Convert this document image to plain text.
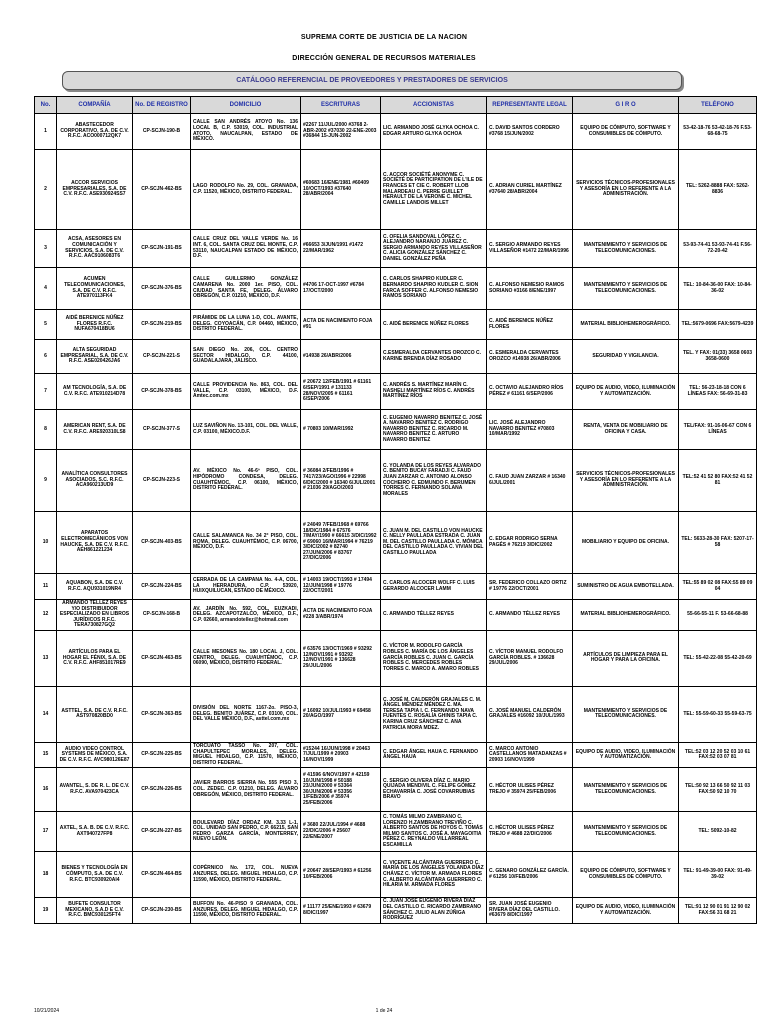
SUPREMA CORTE DE JUSTICIA DE LA NACION
DIRECCIÓN GENERAL DE RECURSOS MATERIALES
CATÁLOGO REFERENCIAL DE PROVEEDORES Y PRESTADORES DE SERVICIOS
No.	COMPAÑÍA	No. DE REGISTRO	DOMICILIO	ESCRITURAS	ACCIONISTAS	REPRESENTANTE LEGAL	G I R O	TELÉFONO
1	ABASTECEDOR CORPORATIVO, S.A. DE C.V. R.F.C. ACO000712QK7	CP-SCJN-190-B	CALLE SAN ANDRÉS ATOYO No. 136 LOCAL B, C.P. 53019, COL. INDUSTRIAL ATOTO, NAUCALPAN, ESTADO DE MÉXICO.	#2267 11/JUL/2000 #3768 2-ABR-2002 #37030 22-ENE-2003 #36844 15-JUN-2002	LIC. ARMANDO JOSÉ GLYKA OCHOA C. EDGAR ARTURO GLYKA OCHOA	C. DAVID SANTOS CORDERO #3768 15/JUN/2002	EQUIPO DE CÓMPUTO, SOFTWARE Y CONSUMIBLES DE CÓMPUTO.	53-42-18-76 53-42-18-76 F.53-68-68-75
2	ACCOR SERVICIOS EMPRESARIALES, S.A. DE C.V. R.F.C. ASE930924SS7	CP-SCJN-462-BS	LAGO RODOLFO No. 29, COL. GRANADA, C.P. 11520, MÉXICO, DISTRITO FEDERAL.	#60683 16/ENE/1981 #60409 10/OCT/1993 #37640 28/ABR/2004	C. ACCOR SOCIÉTÉ ANONYME C. SOCIÉTÉ DE PARTICIPATION DE L'ILE DE FRANCES ET CIE C. ROBERT LLOB MALARDEAU C. PERRE GUILLET HERAULT DE LA VERONE C. MICHEL CAMILLE LANDOIS MILLET	C. ADRIAN CURIEL MARTÍNEZ #37640 28/ABR/2004	SERVICIOS TÉCNICOS-PROFESIONALES Y ASESORÍA EN LO REFERENTE A LA ADMINISTRACIÓN.	TEL: 5262-8888 FAX: 5262-8836
3	ACSA, ASESORES EN COMUNICACIÓN Y SERVICIOS, S.A. DE C.V. R.F.C. AAC9106083T6	CP-SCJN-191-BS	CALLE CRUZ DEL VALLE VERDE No. 16 INT. 6, COL. SANTA CRUZ DEL MONTE, C.P. 53110, NAUCALPAN ESTADO DE MÉXICO, D.F.	#66653 3/JUN/1991 #1472 22/MAR/1962	C. OFELIA SANDOVAL LÓPEZ C. ALEJANDRO NARANJO JUÁREZ C. SERGIO ARMANDO REYES VILLASEÑOR C. ALICIA GONZÁLEZ SÁNCHEZ C. DANIEL GONZÁLEZ PEÑA	C. SERGIO ARMANDO REYES VILLASEÑOR #1472 22/MAR/1996	MANTENIMIENTO Y SERVICIOS DE TELECOMUNICACIONES.	53-93-74-41 53-93-74-41 F.56-72-20-42
4	ACUMEN TELECOMUNICACIONES, S.A. DE C.V. R.F.C. ATE970113FK4	CP-SCJN-376-BS	CALLE GUILLERMO GONZÁLEZ CAMARENA No. 2000 1er. PISO, COL. CIUDAD SANTA FE, DELEG. ÁLVARO OBREGÓN, C.P. 01210, MÉXICO, D.F.	#4706 17-OCT-1997 #6784 17/OCT/2000	C. CARLOS SHAPIRO KUDLER C. BERNARDO SHAPIRO KUDLER C. SION FARCA SOFFER C. ALFONSO NEMESIO RAMOS SORIANO	C. ALFONSO NEMESIO RAMOS SORIANO #3166 8/ENE/1997	MANTENIMIENTO Y SERVICIOS DE TELECOMUNICACIONES.	TEL: 10-84-36-00 FAX: 10-84-36-02
5	AIDÉ BERENICE NÚÑEZ FLORES R.F.C. NUFA670418BU6	CP-SCJN-219-BS	PIRÁMIDE DE LA LUNA 1-D, COL. AVANTE, DELEG. COYOACÁN, C.P. 04460, MÉXICO, DISTRITO FEDERAL.	ACTA DE NACIMIENTO FOJA #91	C. AIDÉ BERENICE NÚÑEZ FLORES	C. AIDÉ BERENICE NÚÑEZ FLORES	MATERIAL BIBLIOHEMEROGRÁFICO.	TEL:5679-0696 FAX:5679-4239
6	ALTA SEGURIDAD EMPRESARIAL, S.A. DE C.V. R.F.C. ASE020426JA6	CP-SCJN-221-S	SAN DIEGO No. 206, COL. CENTRO SECTOR HIDALGO, C.P. 44100, GUADALAJARA, JALISCO.	#14938 26/ABR/2006	C.ESMERALDA CERVANTES OROZCO C. KARINE BRENDA DÍAZ ROSADO	C. ESMERALDA CERVANTES OROZCO #14938 26/ABR/2006	SEGURIDAD Y VIGILANCIA.	TEL. Y FAX: 01(33) 3658 0603 3658-0600
7	AM TECNOLOGÍA, S.A. DE C.V. R.F.C. ATE910214D78	CP-SCJN-378-BS	CALLE PROVIDENCIA No. 863, COL. DEL VALLE, C.P. 03100, MÉXICO, D.F. Amtec.com.mx	# 20672 12/FEB/1991 # 61161 6/SEP/1991 # 131133 28/NOV/2005 # 61161 6/SEP/2006	C. ANDRÉS S. MARTÍNEZ MARÍN C. NASHELI MARTÍNEZ RÍOS C. ANDRÉS MARTÍNEZ RÍOS	C. OCTAVIO ALEJANDRO RÍOS PÉREZ # 61161 6/SEP/2006	EQUIPO DE AUDIO, VIDEO, ILUMINACIÓN Y AUTOMATIZACIÓN.	TEL: 56-23-18-18 CON 6 LÍNEAS FAX: 56-69-31-83
8	AMERICAN RENT, S.A. DE C.V. R.F.C. ARE920310LS8	CP-SCJN-377-S	LUZ SAVIÑON No. 13-101, COL. DEL VALLE, C.P. 03100, MÉXICO.D.F.	# 70803 10/MAR/1992	C. EUGENIO NAVARRO BENITEZ C. JOSÉ A. NAVARRO BENITEZ C. RODRIGO NAVARRO BENITEZ C. RICARDO M. NAVARRO BENITEZ C. ARTURO NAVARRO BENITEZ	LIC. JOSÉ ALEJANDRO NAVARRO BENITEZ #70803 10/MAR/1992	RENTA, VENTA DE MOBILIARIO DE OFICINA Y CASA.	TEL/FAX: 91-16-06-67 CON 6 LÍNEAS
9	ANALÍTICA CONSULTORES ASOCIADOS, S.C. R.F.C. ACA960213UD9	CP-SCJN-223-S	AV. MÉXICO No. 46-6º PISO, COL. HIPÓDROMO CONDESA, DELEG. CUAUHTÉMOC, C.P. 06100, MÉXICO, DISTRITO FEDERAL.	# 36084 2/FEB/1996 # 7417/23/AGO/1996 # 22998 6/DIC/2000 # 16340 6/JUL/2001 # 21036 29/AGO/2003	C. YOLANDA DE LOS REYES ALVARADO C. BENITO BUCAY FARADJI C. FAUD JUAN ZARZAR C. ANTONIO ALONSO COCHEIRO C. EDMUNDO F. BERUMEN TORRES C. FERNANDO SOLANA MORALES	C. FAUD JUAN ZARZAR # 16340 6/JUL/2001	SERVICIOS TÉCNICOS-PROFESIONALES Y ASESORÍA EN LO REFERENTE A LA ADMINISTRACIÓN.	TEL:52 41 52 80 FAX:52 41 52 81
10	APARATOS ELECTROMECÁNICOS VON HAUCKE, S.A. DE C.V. R.F.C. AEH861221234	CP-SCJN-403-BS	CALLE SALAMANCA No. 34 2° PISO, COL. ROMA, DELEG. CUAUHTÉMOC, C.P. 06700, MÉXICO, D.F.	# 24049 7/FEB/1968 # 69766 18/DIC/1984 # 67576 7/MAY/1990 # 66615 3/DIC/1992 # 69060 16/MAR/1994 # 76219 3/DIC/2002 # 82740 27/JUN/2006 # 83767 27/DIC/2006	C. JUAN M. DEL CASTILLO VON HAUCKE C. NELLY PAULLADA ESTRADA C. JUAN M. DEL CASTILLO PAULLADA C. MÓNICA DEL CASTILLO PAULLADA C. VIVIAN DEL CASTILLO PAULLADA	C. EDGAR RODRIGO SERNA PAGÉS # 76219 3/DIC/2002	MOBILIARIO Y EQUIPO DE OFICINA.	TEL: 5633-28-30 FAX: 5207-17-58
11	AQUABON, S.A. DE C.V. R.F.C. AQU931019NR4	CP-SCJN-224-BS	CERRADA DE LA CAMPANA No. 4-A, COL. LA HERRADURA, C.P. 53920, HUIXQUILUCAN, ESTADO DE MÉXICO.	# 14003 19/OCT/1993 # 17494 12/JUN/1998 # 19776 22/OCT/2001	C. CARLOS ALCOCER WOLFF C. LUIS GERARDO ALCOCER LAMM	SR. FEDERICO COLLAZO ORTIZ # 19776 22/OCT/2001	SUMINISTRO DE AGUA EMBOTELLADA.	TEL:55 89 02 08 FAX:55 89 09 04
12	ARMANDO TÉLLEZ REYES Y/O DISTRIBUIDOR ESPECIALIZADO EN LIBROS JURÍDICOS R.F.C. TERA730827GQ2	CP-SCJN-168-B	AV. JARDÍN No. 592, COL. EUZKADI, DELEG. AZCAPOTZALCO, MÉXICO, D.F., C.P. 02660, armandotellez@hotmail.com	ACTA DE NACIMIENTO FOJA #228 3/ABR/1974	C. ARMANDO TÉLLEZ REYES	C. ARMANDO TÉLLEZ REYES	MATERIAL BIBLIOHEMEROGRÁFICO.	55-66-55-11 F. 53-66-68-88
13	ARTÍCULOS PARA EL HOGAR EL FÉNIX, S.A. DE C.V. R.F.C. AHF851017RE9	CP-SCJN-463-BS	CALLE MESONES No. 180 LOCAL J, COL. CENTRO, DELEG. CUAUHTÉMOC, C.P. 06090, MÉXICO, DISTRITO FEDERAL.	# 63576 13/OCT/1969 # 93292 12/NOV/1991 # 93292 12/NOV/1991 # 136628 29/JUL/2006	C. VÍCTOR M. RODOLFO GARCÍA ROBLES C. MARÍA DE LOS ÁNGELES GARCÍA ROBLES C. JUAN C. GARCÍA ROBLES C. MERCEDES ROBLES TORRES C. MARCO A. AMARO ROBLES	C. VÍCTOR MANUEL RODOLFO GARCÍA ROBLES. # 136628 29/JUL/2006	ARTÍCULOS DE LIMPIEZA PARA EL HOGAR Y PARA LA OFICINA.	TEL: 55-42-22-08 55-42-20-69
14	ASTTEL, S.A. DE C.V. R.F.C. AST970820BD0	CP-SCJN-363-BS	DIVISIÓN DEL NORTE 1167-2o. PISO-3, DELEG. BENITO JUÁREZ, C.P. 03100, COL. DEL VALLE MÉXICO, D.F., asttel.com.mx	# 16092 10/JUL/1993 # 69458 20/AGO/1997	C. JOSÉ M. CALDERÓN GRAJALES C. M. ÁNGEL MÉNDEZ MÉNDEZ C. MA. TERESA TAPIA I. C. FERNANDO NAVA FUENTES C. ROSALÍA GHINIS TAPIA C. KARINA CRUZ SÁNCHEZ C. ANA PATRICIA MORA MDEZ.	C. JOSÉ MANUEL CALDERÓN GRAJALES #16092 10/JUL/1993	MANTENIMIENTO Y SERVICIOS DE TELECOMUNICACIONES.	TEL: 55-59-60-33 55-59-63-75
15	AUDIO VIDEO CONTROL SYSTEMS DE MÉXICO, S.A. DE C.V. R.F.C. AVC980126E87	CP-SCJN-225-BS	TORCUATO TASSO No. 207, COL. CHAPULTEPEC MORALES, DELEG. MIGUEL HIDALGO, C.P. 11570, MÉXICO, DISTRITO FEDERAL.	#15244 16/JUN/1998 # 20463 7/JUL/1999 # 20903 16/NOV/1999	C. EDGAR ÁNGEL HAUA C. FERNANDO ÁNGEL HAUA	C. MARCO ANTONIO CASTELLANOS MATADANZAS # 20903 16/NOV/1999	EQUIPO DE AUDIO, VIDEO, ILUMINACIÓN Y AUTOMATIZACIÓN.	TEL:52 03 12 20 52 03 10 61 FAX:52 03 07 81
16	AVANTEL, S. DE R. L. DE C.V. R.F.C. AVA970423CA	CP-SCJN-226-BS	JAVIER BARROS SIERRA No. 555 PISO 3, COL. ZEDEC. C.P. 01210, DELEG. ÁLVARO OBREGÓN, MÉXICO, DISTRITO FEDERAL.	# 41596 6/NOV/1997 # 42159 10/JUN/1998 # 50188 23/JUN/2000 # 53364 30/JUN/2006 # 53356 1/FEB/2006 # 35974 25/FEB/2006	C. SERGIO OLIVERA DÍAZ C. MARIO QUIJADA MENDIVIL C. FELIPE GÓMEZ ECHAVARRÍA C. JOSÉ COVARRUBIAS BRAVO	C. HÉCTOR ULISES PÉREZ TREJO # 35974 25/FEB/2006	MANTENIMIENTO Y SERVICIOS DE TELECOMUNICACIONES.	TEL:50 92 13 66 50 92 11 03 FAX:50 92 10 70
17	AXTEL, S.A. B. DE C.V. R.F.C. AXT940727FP8	CP-SCJN-227-BS	BOULEVARD DÍAZ ORDAZ KM. 3.33 L-1, COL. UNIDAD SAN PEDRO, C.P. 66215, SAN PEDRO GARZA GARCÍA, MONTERREY, NUEVO LEÓN.	# 3680 22/JUL/1994 # 4688 22/DIC/2006 # 25607 22/ENE/2007	C. TOMÁS MILMO ZAMBRANO C. LORENZO H.ZAMBRANO TREVIÑO C. ALBERTO SANTOS DE HOYOS C. TOMÁS MILMO SANTOS C. JOSÉ A. MAYAGOITIA PÉREZ C. REYNALDO VILLARREAL ESCAMILLA	C. HÉCTOR ULISES PÉREZ TREJO # 4688 22/DIC/2006	MANTENIMIENTO Y SERVICIOS DE TELECOMUNICACIONES.	TEL: 5092-10-82
18	BIENES Y TECNOLOGÍA EN CÓMPUTO, S.A. DE C.V. R.F.C. BTC930920AI4	CP-SCJN-464-BS	COPÉRNICO No. 172, COL. NUEVA ANZURES, DELEG. MIGUEL HIDALGO, C.P. 11590, MÉXICO, DISTRITO FEDERAL.	# 20647 28/SEP/1993 # 61256 10/FEB/2006	C. VICENTE ALCÁNTARA GUERRERO C. MARÍA DE LOS ÁNGELES YOLANDA DÍAZ CHÁVEZ C. VÍCTOR M. ARMADA FLORES C. ALBERTO ALCÁNTARA GUERRERO C. HILARIA M. ARMADA FLORES	C. GENARO GONZÁLEZ GARCÍA. # 61256 10/FEB/2006	EQUIPO DE CÓMPUTO, SOFTWARE Y CONSUMIBLES DE CÓMPUTO.	TEL: 91-49-39-00 FAX: 91-49-39-02
19	BUFETE CONSULTOR MEXICANO, S.A.D E C.V. R.F.C. BMC930125FT4	CP-SCJN-230-BS	BUFFON No. 46-PISO 9 GRANADA, COL. ANZURES, DELEG. MIGUEL HIDALGO, C.P. 11590, MÉXICO, DISTRITO FEDERAL.	# 11177 25/ENE/1993 # 63679 8/DIC/1997	C. JUAN JOSÉ EUGENIO RIVERA DÍAZ DEL CASTILLO C. RICARDO ZAMBRANO SÁNCHEZ C. JULIO ALAN ZÚÑIGA RODRÍGUEZ	SR. JUAN JOSÉ EUGENIO RIVERA DÍAZ DEL CASTILLO. #63679 8/DIC/1997	EQUIPO DE AUDIO, VIDEO, ILUMINACIÓN Y AUTOMATIZACIÓN.	TEL:91 12 90 01 91 12 90 02 FAX:56 31 68 21
10/21/2024	1 de 24
